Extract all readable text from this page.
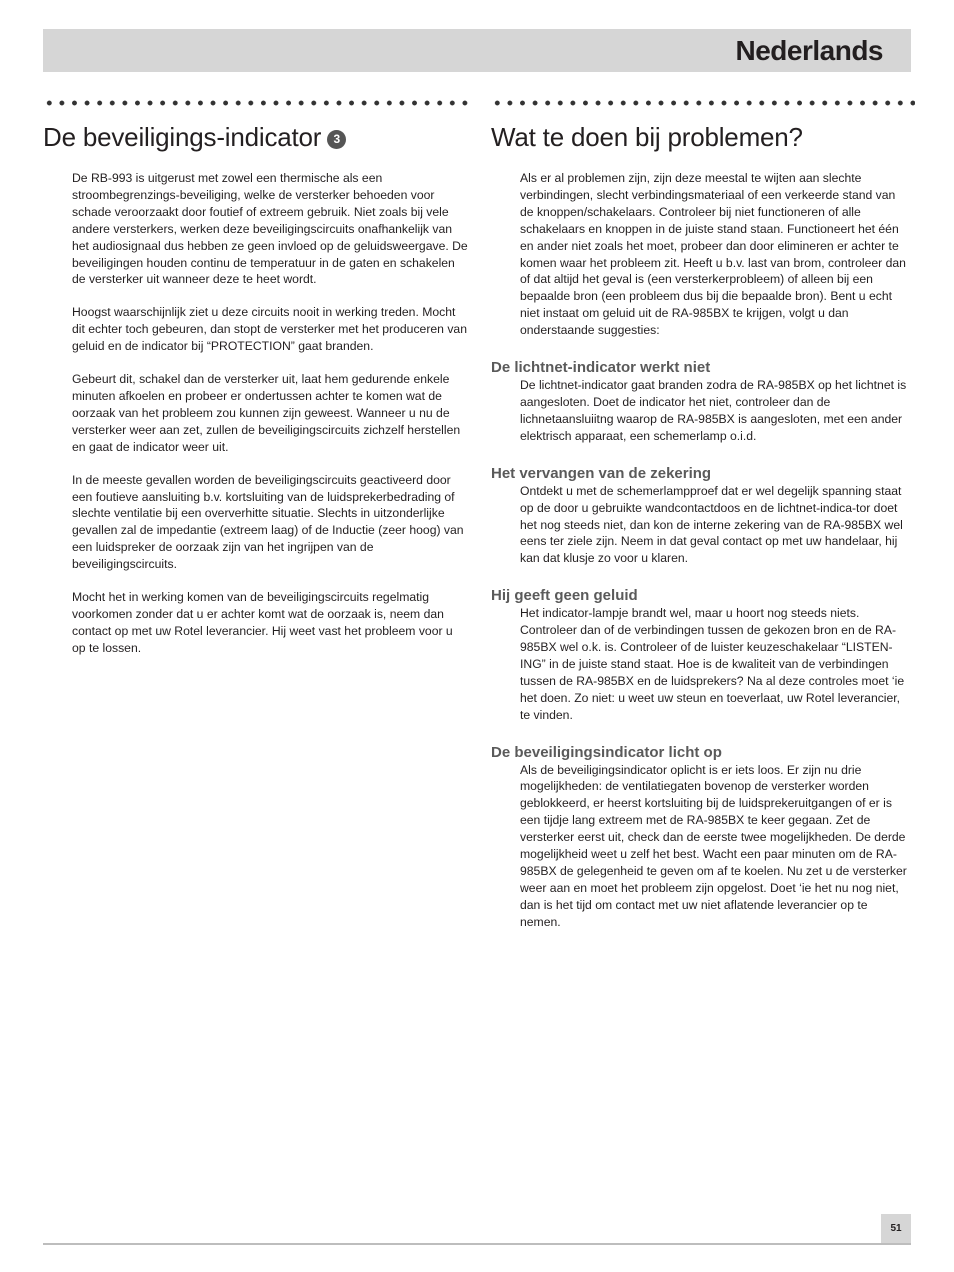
Nederlands
De beveiligings-indicator 3

De RB-993 is uitgerust met zowel een thermische als een stroombegrenzings-beveiliging, welke de versterker behoeden voor schade veroorzaakt door foutief of extreem gebruik. Niet zoals bij vele andere versterkers, werken deze beveiligingscircuits onafhankelijk van het audiosignaal dus hebben ze geen invloed op de geluidsweergave. De beveiligingen houden continu de temperatuur in de gaten en schakelen de versterker uit wanneer deze te heet wordt.

Hoogst waarschijnlijk ziet u deze circuits nooit in werking treden. Mocht dit echter toch gebeuren, dan stopt de versterker met het produceren van geluid en de indicator bij “PROTECTION” gaat branden.

Gebeurt dit, schakel dan de versterker uit, laat hem gedurende enkele minuten afkoelen en probeer er ondertussen achter te komen wat de oorzaak van het probleem zou kunnen zijn geweest. Wanneer u nu de versterker weer aan zet, zullen de beveiligingscircuits zichzelf herstellen en gaat de indicator weer uit.

In de meeste gevallen worden de beveiligingscircuits geactiveerd door een foutieve aansluiting b.v. kortsluiting van de luidsprekerbedrading of slechte ventilatie bij een oververhitte situatie. Slechts in uitzonderlijke gevallen zal de impedantie (extreem laag) of de Inductie (zeer hoog) van een luidspreker de oorzaak zijn van het ingrijpen van de beveiligingscircuits.

Mocht het in werking komen van de beveiligingscircuits regelmatig voorkomen zonder dat u er achter komt wat de oorzaak is, neem dan contact op met uw Rotel leverancier. Hij weet vast het probleem voor u op te lossen.

Wat te doen bij problemen?

Als er al problemen zijn, zijn deze meestal te wijten aan slechte verbindingen, slecht verbindingsmateriaal of een verkeerde stand van de knoppen/schakelaars. Controleer bij niet functioneren of alle schakelaars en knoppen in de juiste stand staan. Functioneert het één en ander niet zoals het moet, probeer dan door elimineren er achter te komen waar het probleem zit. Heeft u b.v. last van brom, controleer dan of dat altijd het geval is (een versterkerprobleem) of alleen bij een bepaalde bron (een probleem dus bij die bepaalde bron). Bent u echt niet instaat om geluid uit de RA-985BX te krijgen, volgt u dan onderstaande suggesties:

De lichtnet-indicator werkt niet

De lichtnet-indicator gaat branden zodra de RA-985BX op het lichtnet is aangesloten. Doet de indicator het niet, controleer dan de lichnetaansluiitng waarop de RA-985BX is aangesloten, met een ander elektrisch apparaat, een schemerlamp o.i.d.

Het vervangen van de zekering

Ontdekt u met de schemerlampproef dat er wel degelijk spanning staat op de door u gebruikte wandcontactdoos en de lichtnet-indica-tor doet het nog steeds niet, dan kon de interne zekering van de RA-985BX wel eens ter ziele zijn. Neem in dat geval contact op met uw handelaar, hij kan dat klusje zo voor u klaren.

Hij geeft geen geluid

Het indicator-lampje brandt wel, maar u hoort nog steeds niets. Controleer dan of de verbindingen tussen de gekozen bron en de RA-985BX wel o.k. is. Controleer of de luister keuzeschakelaar “LISTEN-ING” in de juiste stand staat. Hoe is de kwaliteit van de verbindingen tussen de RA-985BX en de luidsprekers? Na al deze controles moet ‘ie het doen. Zo niet: u weet uw steun en toeverlaat, uw Rotel leverancier, te vinden.

De beveiligingsindicator licht op

Als de beveiligingsindicator oplicht is er iets loos. Er zijn nu drie mogelijkheden: de ventilatiegaten bovenop de versterker worden geblokkeerd, er heerst kortsluiting bij de luidsprekeruitgangen of er is een tijdje lang extreem met de RA-985BX te keer gegaan. Zet de versterker eerst uit, check dan de eerste twee mogelijkheden. De derde mogelijkheid weet u zelf het best. Wacht een paar minuten om de RA-985BX de gelegenheid te geven om af te koelen. Nu zet u de versterker weer aan en moet het probleem zijn opgelost. Doet ‘ie het nu nog niet, dan is het tijd om contact met uw niet aflatende leverancier op te nemen.

51
